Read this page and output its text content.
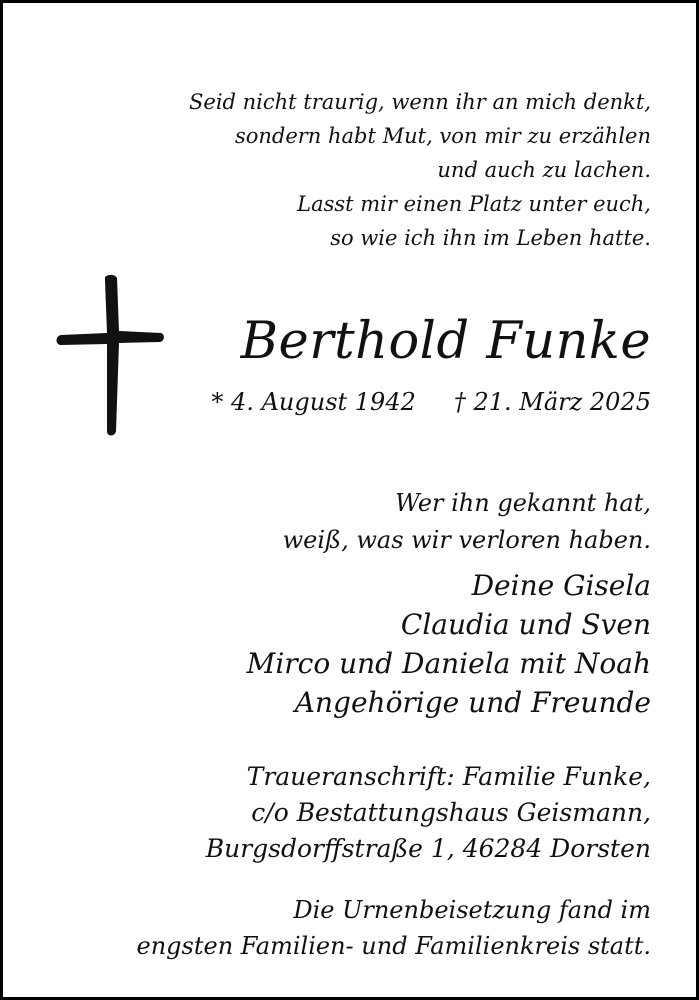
Seid nicht traurig, wenn ihr an mich denkt,
sondern habt Mut, von mir zu erzählen
und auch zu lachen.
Lasst mir einen Platz unter euch,
so wie ich ihn im Leben hatte.
Berthold Funke
* 4. August 1942 † 21. März 2025
Wer ihn gekannt hat,
weiß, was wir verloren haben.
Deine Gisela
Claudia und Sven
Mirco und Daniela mit Noah
Angehörige und Freunde
Traueranschrift: Familie Funke,
c/o Bestattungshaus Geismann,
Burgsdorffstraße 1, 46284 Dorsten
Die Urnenbeisetzung fand im
engsten Familien- und Familienkreis statt.
